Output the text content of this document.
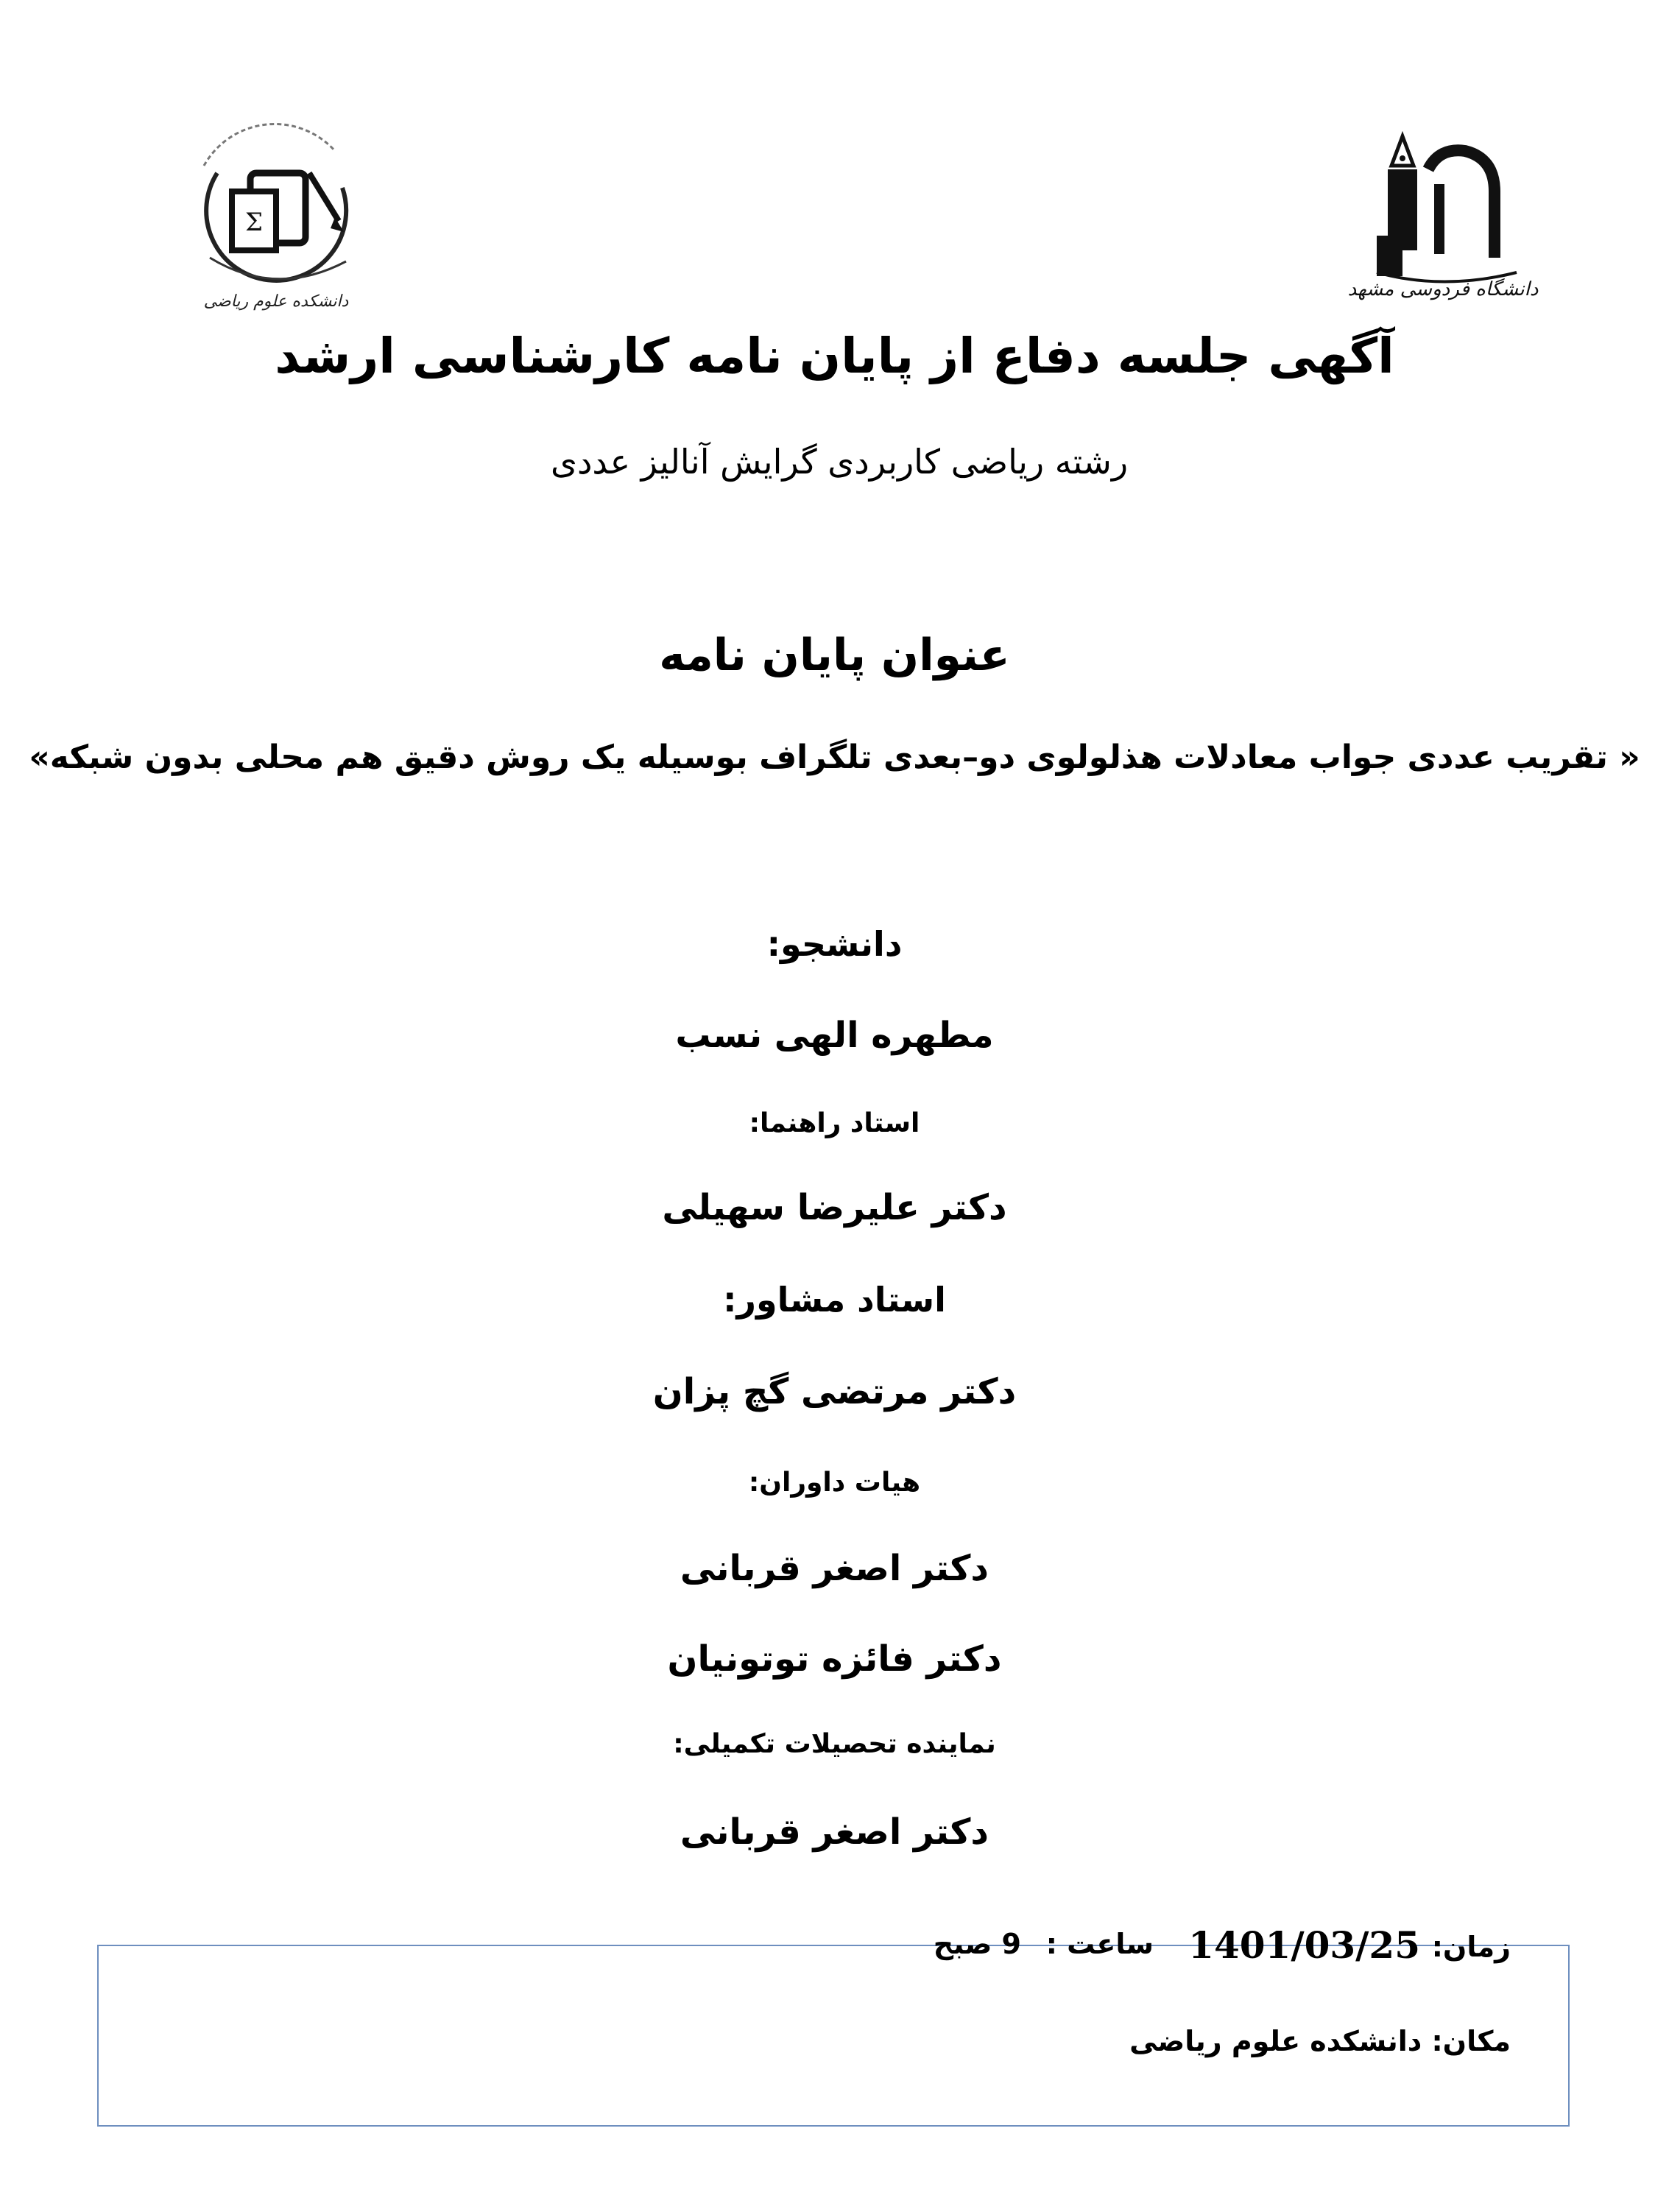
Σ
دانشکده علوم ریاضی
دانشگاه فردوسی مشهد
آگهی جلسه دفاع از پایان نامه کارشناسی ارشد
رشته ریاضی کاربردی گرایش آنالیز عددی
عنوان پایان نامه
« تقریب عددی جواب معادلات هذلولوی دو–بعدی تلگراف بوسیله یک روش دقیق هم محلی بدون شبکه»
دانشجو:
مطهره الهی نسب
استاد راهنما:
دکتر علیرضا سهیلی
استاد مشاور:
دکتر مرتضی گچ پزان
هیات داوران:
دکتر اصغر قربانی
دکتر فائزه توتونیان
نماینده تحصیلات تکمیلی:
دکتر اصغر قربانی
زمان:
1401/03/25
ساعت :
9 صبح
مکان: دانشکده علوم ریاضی
